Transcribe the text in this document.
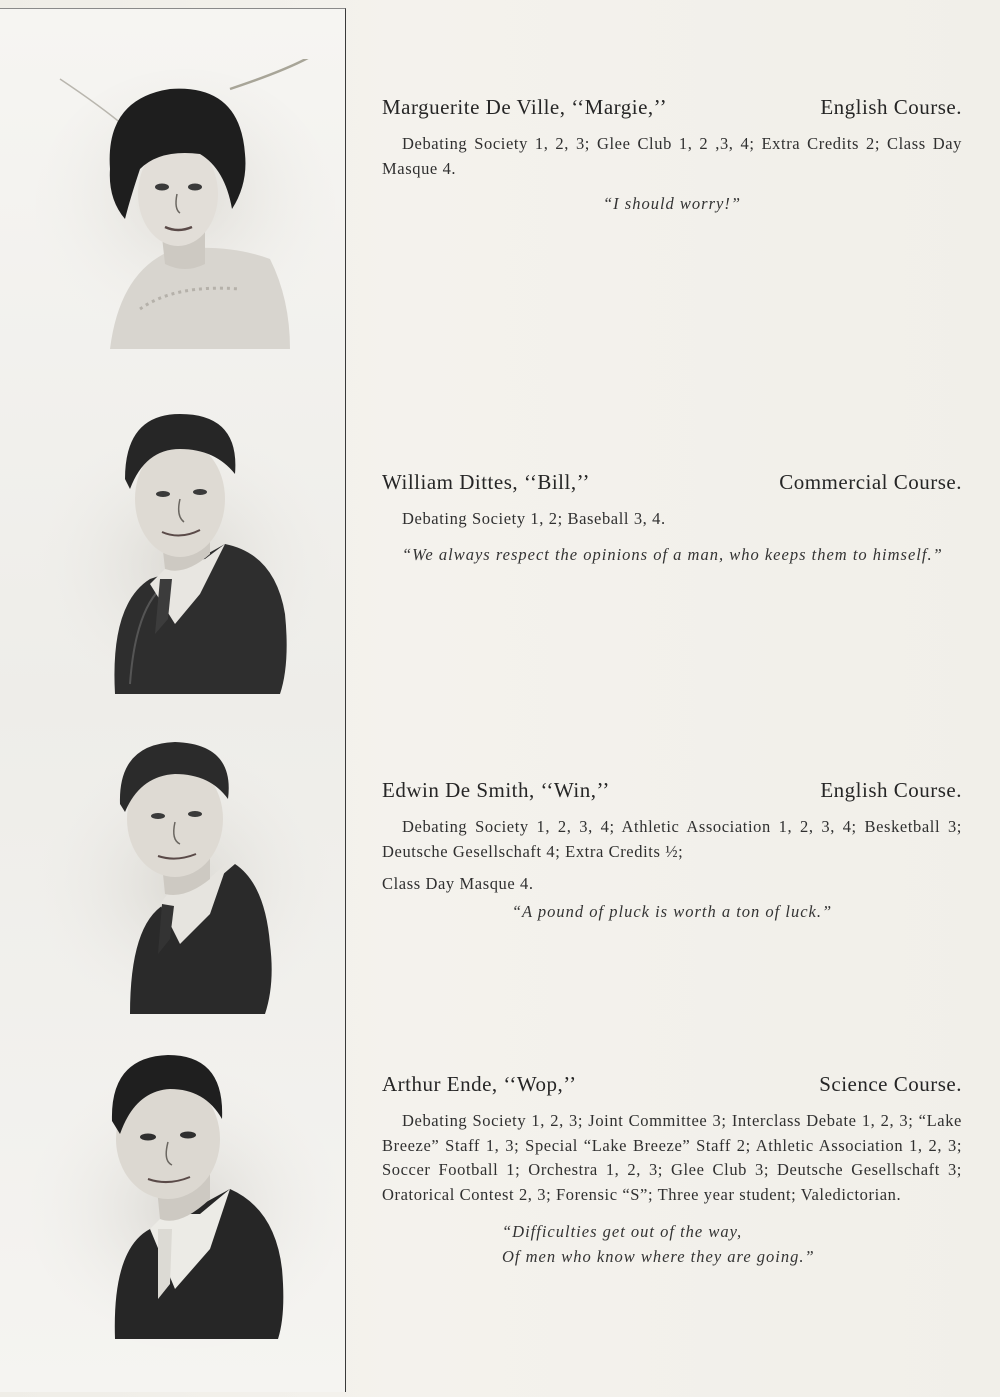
Marguerite De Ville, ‘‘Margie,’’	English Course.
Debating Society 1, 2, 3; Glee Club 1, 2 ,3, 4; Extra Credits 2; Class Day Masque 4.
“I should worry!”
William Dittes, ‘‘Bill,’’	Commercial Course.
Debating Society 1, 2; Baseball 3, 4.
“We always respect the opinions of a man, who keeps them to himself.”
Edwin De Smith, ‘‘Win,’’	English Course.
Debating Society 1, 2, 3, 4; Athletic Association 1, 2, 3, 4; Besketball 3; Deutsche Gesellschaft 4; Extra Credits ½;
Class Day Masque 4.
“A pound of pluck is worth a ton of luck.”
Arthur Ende, ‘‘Wop,’’	Science Course.
Debating Society 1, 2, 3; Joint Committee 3; Interclass Debate 1, 2, 3; “Lake Breeze” Staff 1, 3; Special “Lake Breeze” Staff 2; Athletic Association 1, 2, 3; Soccer Football 1; Orchestra 1, 2, 3; Glee Club 3; Deutsche Gesellschaft 3; Oratorical Contest 2, 3; Forensic “S”; Three year student; Valedictorian.
“Difficulties get out of the way,
Of men who know where they are going.”
